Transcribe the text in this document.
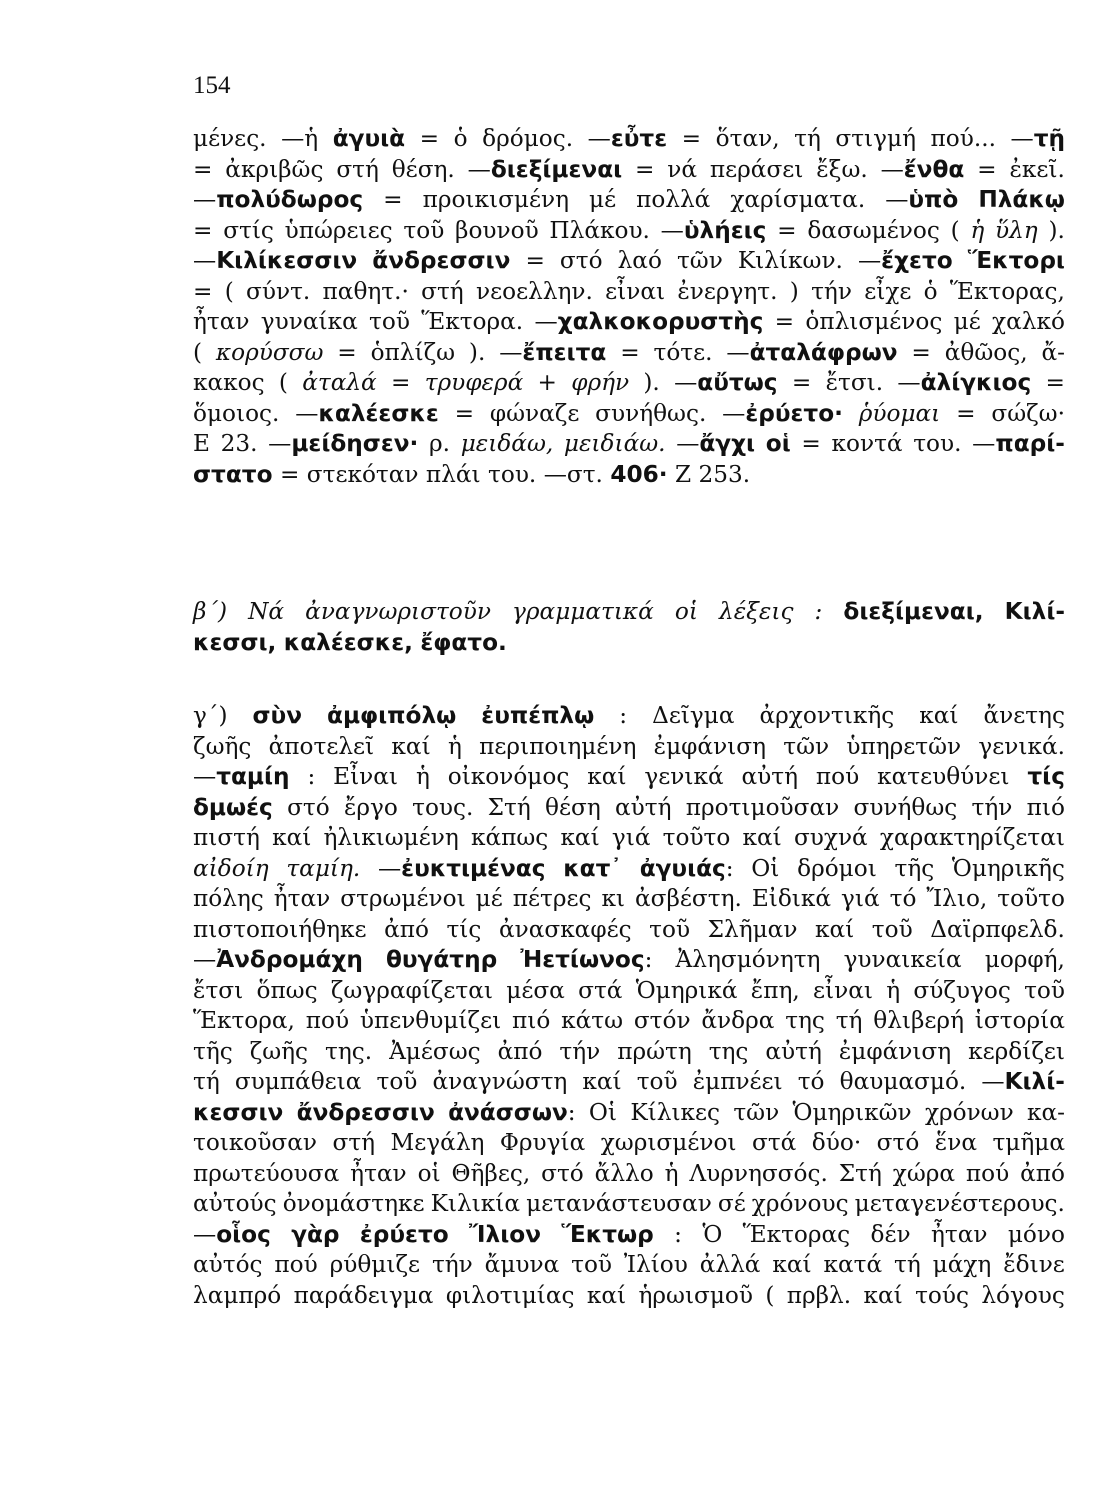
154
μένες. —ἡ ἀγυιὰ = ὁ δρόμος. —εὖτε = ὅταν, τή στιγμή πού... —τῇ
= ἀκριβῶς στή θέση. —διεξίμεναι = νά περάσει ἔξω. —ἔνθα = ἐκεῖ.
—πολύδωρος = προικισμένη μέ πολλά χαρίσματα. —ὑπὸ Πλάκῳ
= στίς ὑπώρειες τοῦ βουνοῦ Πλάκου. —ὑλήεις = δασωμένος ( ἡ ὕλη ).
—Κιλίκεσσιν ἄνδρεσσιν = στό λαό τῶν Κιλίκων. —ἔχετο Ἕκτορι
= ( σύντ. παθητ.· στή νεοελλην. εἶναι ἐνεργητ. ) τήν εἶχε ὁ Ἕκτορας,
ἦταν γυναίκα τοῦ Ἕκτορα. —χαλκοκορυστὴς = ὁπλισμένος μέ χαλκό
( κορύσσω = ὁπλίζω ). —ἔπειτα = τότε. —ἀταλάφρων = ἀθῶος, ἄ-
κακος ( ἀταλά = τρυφερά + φρήν ). —αὔτως = ἔτσι. —ἀλίγκιος =
ὅμοιος. —καλέεσκε = φώναζε συνήθως. —ἐρύετο· ῥύομαι = σώζω·
Ε 23. —μείδησεν· ρ. μειδάω, μειδιάω. —ἄγχι οἱ = κοντά του. —παρί-
στατο = στεκόταν πλάι του. —στ. 406· Ζ 253.
β΄) Νά ἀναγνωριστοῦν γραμματικά οἱ λέξεις : διεξίμεναι, Κιλί-
κεσσι, καλέεσκε, ἔφατο.
γ΄) σὺν ἀμφιπόλῳ ἐυπέπλῳ : Δεῖγμα ἀρχοντικῆς καί ἄνετης
ζωῆς ἀποτελεῖ καί ἡ περιποιημένη ἐμφάνιση τῶν ὑπηρετῶν γενικά.
—ταμίη : Εἶναι ἡ οἰκονόμος καί γενικά αὐτή πού κατευθύνει τίς
δμωές στό ἔργο τους. Στή θέση αὐτή προτιμοῦσαν συνήθως τήν πιό
πιστή καί ἠλικιωμένη κάπως καί γιά τοῦτο καί συχνά χαρακτηρίζεται
αἰδοίη ταμίη. —ἐυκτιμένας κατ᾽ ἀγυιάς: Οἱ δρόμοι τῆς Ὁμηρικῆς
πόλης ἦταν στρωμένοι μέ πέτρες κι ἀσβέστη. Εἰδικά γιά τό Ἴλιο, τοῦτο
πιστοποιήθηκε ἀπό τίς ἀνασκαφές τοῦ Σλῆμαν καί τοῦ Δαϊρπφελδ.
—Ἀνδρομάχη θυγάτηρ Ἠετίωνος: Ἀλησμόνητη γυναικεία μορφή,
ἔτσι ὅπως ζωγραφίζεται μέσα στά Ὁμηρικά ἔπη, εἶναι ἡ σύζυγος τοῦ
Ἕκτορα, πού ὑπενθυμίζει πιό κάτω στόν ἄνδρα της τή θλιβερή ἱστορία
τῆς ζωῆς της. Ἀμέσως ἀπό τήν πρώτη της αὐτή ἐμφάνιση κερδίζει
τή συμπάθεια τοῦ ἀναγνώστη καί τοῦ ἐμπνέει τό θαυμασμό. —Κιλί-
κεσσιν ἄνδρεσσιν ἀνάσσων: Οἱ Κίλικες τῶν Ὁμηρικῶν χρόνων κα-
τοικοῦσαν στή Μεγάλη Φρυγία χωρισμένοι στά δύο· στό ἕνα τμῆμα
πρωτεύουσα ἦταν οἱ Θῆβες, στό ἄλλο ἡ Λυρνησσός. Στή χώρα πού ἀπό
αὐτούς ὀνομάστηκε Κιλικία μετανάστευσαν σέ χρόνους μεταγενέστερους.
—οἷος γὰρ ἐρύετο Ἴλιον Ἕκτωρ : Ὁ Ἕκτορας δέν ἦταν μόνο
αὐτός πού ρύθμιζε τήν ἄμυνα τοῦ Ἰλίου ἀλλά καί κατά τή μάχη ἔδινε
λαμπρό παράδειγμα φιλοτιμίας καί ἡρωισμοῦ ( πρβλ. καί τούς λόγους
